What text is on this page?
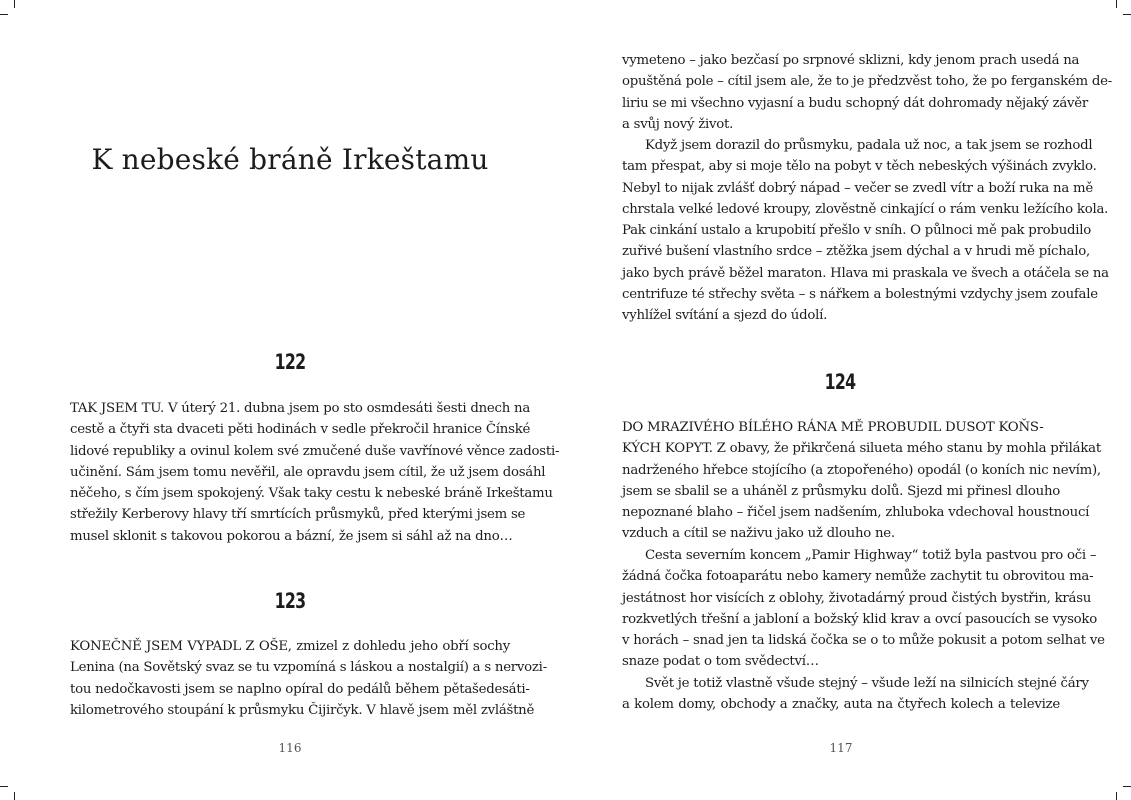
K nebeské bráně Irkeštamu
122

TAK JSEM TU. V úterý 21. dubna jsem po sto osmdesáti šesti dnech na
cestě a čtyři sta dvaceti pěti hodinách v sedle překročil hranice Čínské
lidové republiky a ovinul kolem své zmučené duše vavřínové věnce zadosti-
učinění. Sám jsem tomu nevěřil, ale opravdu jsem cítil, že už jsem dosáhl
něčeho, s čím jsem spokojený. Však taky cestu k nebeské bráně Irkeštamu
střežily Kerberovy hlavy tří smrtících průsmyků, před kterými jsem se
musel sklonit s takovou pokorou a bázní, že jsem si sáhl až na dno…

123

KONEČNĚ JSEM VYPADL Z OŠE, zmizel z dohledu jeho obří sochy
Lenina (na Sovětský svaz se tu vzpomíná s láskou a nostalgií) a s nervozi-
tou nedočkavosti jsem se naplno opíral do pedálů během pětašedesáti-
kilometrového stoupání k průsmyku Čijirčyk. V hlavě jsem měl zvláštně

116

vymeteno – jako bezčasí po srpnové sklizni, kdy jenom prach usedá na
opuštěná pole – cítil jsem ale, že to je předzvěst toho, že po ferganském de-
liriu se mi všechno vyjasní a budu schopný dát dohromady nějaký závěr
a svůj nový život.

Když jsem dorazil do průsmyku, padala už noc, a tak jsem se rozhodl
tam přespat, aby si moje tělo na pobyt v těch nebeských výšinách zvyklo.
Nebyl to nijak zvlášť dobrý nápad – večer se zvedl vítr a boží ruka na mě
chrstala velké ledové kroupy, zlověstně cinkající o rám venku ležícího kola.
Pak cinkání ustalo a krupobití přešlo v sníh. O půlnoci mě pak probudilo
zuřivé bušení vlastního srdce – ztěžka jsem dýchal a v hrudi mě píchalo,
jako bych právě běžel maraton. Hlava mi praskala ve švech a otáčela se na
centrifuze té střechy světa – s nářkem a bolestnými vzdychy jsem zoufale
vyhlížel svítání a sjezd do údolí.

124

DO MRAZIVÉHO BÍLÉHO RÁNA MĚ PROBUDIL DUSOT KOŇS-
KÝCH KOPYT. Z obavy, že přikrčená silueta mého stanu by mohla přilákat
nadrženého hřebce stojícího (a ztopořeného) opodál (o koních nic nevím),
jsem se sbalil se a uháněl z průsmyku dolů. Sjezd mi přinesl dlouho
nepoznané blaho – řičel jsem nadšením, zhluboka vdechoval houstnoucí
vzduch a cítil se naživu jako už dlouho ne.

Cesta severním koncem „Pamir Highway“ totiž byla pastvou pro oči –
žádná čočka fotoaparátu nebo kamery nemůže zachytit tu obrovitou ma-
jestátnost hor visících z oblohy, životadárný proud čistých bystřin, krásu
rozkvetlých třešní a jabloní a božský klid krav a ovcí pasoucích se vysoko
v horách – snad jen ta lidská čočka se o to může pokusit a potom selhat ve
snaze podat o tom svědectví…

Svět je totiž vlastně všude stejný – všude leží na silnicích stejné čáry
a kolem domy, obchody a značky, auta na čtyřech kolech a televize

117
